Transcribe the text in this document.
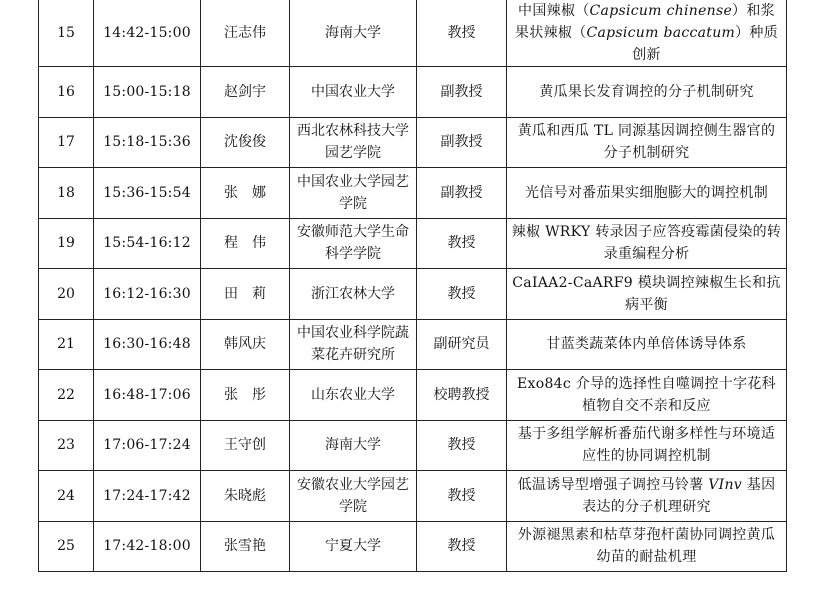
15	14:42-15:00	汪志伟	海南大学	教授	中国辣椒（Capsicum chinense）和浆果状辣椒（Capsicum baccatum）种质创新
16	15:00-15:18	赵剑宇	中国农业大学	副教授	黄瓜果长发育调控的分子机制研究
17	15:18-15:36	沈俊俊	西北农林科技大学园艺学院	副教授	黄瓜和西瓜 TL 同源基因调控侧生器官的分子机制研究
18	15:36-15:54	张　娜	中国农业大学园艺学院	副教授	光信号对番茄果实细胞膨大的调控机制
19	15:54-16:12	程　伟	安徽师范大学生命科学学院	教授	辣椒 WRKY 转录因子应答疫霉菌侵染的转录重编程分析
20	16:12-16:30	田　莉	浙江农林大学	教授	CaIAA2-CaARF9 模块调控辣椒生长和抗病平衡
21	16:30-16:48	韩风庆	中国农业科学院蔬菜花卉研究所	副研究员	甘蓝类蔬菜体内单倍体诱导体系
22	16:48-17:06	张　彤	山东农业大学	校聘教授	Exo84c 介导的选择性自噬调控十字花科植物自交不亲和反应
23	17:06-17:24	王守创	海南大学	教授	基于多组学解析番茄代谢多样性与环境适应性的协同调控机制
24	17:24-17:42	朱晓彪	安徽农业大学园艺学院	教授	低温诱导型增强子调控马铃薯 VInv 基因表达的分子机理研究
25	17:42-18:00	张雪艳	宁夏大学	教授	外源褪黑素和枯草芽孢杆菌协同调控黄瓜幼苗的耐盐机理
